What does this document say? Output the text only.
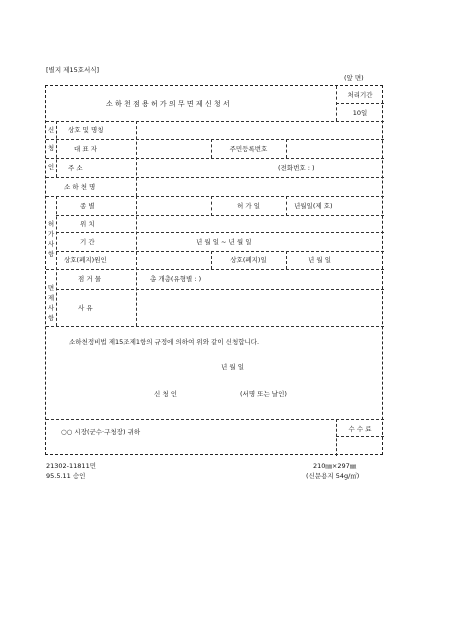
[별지 제15호서식]
(앞 면)
소 하 천 점 용 허 가 의 무 면 제 신 청 서
처리기간
10일
신
청
인
상호 및 명칭
대 표 자	주민등록번호
주 소	(전화번호 : )
소 하 천 명
허
가
사
항
종 별	허 가 일	년월일(제 호)
위 치
기 간	년 월 일 ~ 년 월 일
상호(폐지)원인	상호(폐지)일	년 월 일
면
제
사
항
점 거 물	총 개층(유형별 : )
사 유
소하천정비법 제15조제1항의 규정에 의하여 위와 같이 신청합니다.
년 월 일
신 청 인	(서명 또는 날인)
○○ 시장(군수·구청장) 귀하	수 수 료
21302-11811민
95.5.11 승인
210㎜×297㎜
(신문용지 54g/㎡)
